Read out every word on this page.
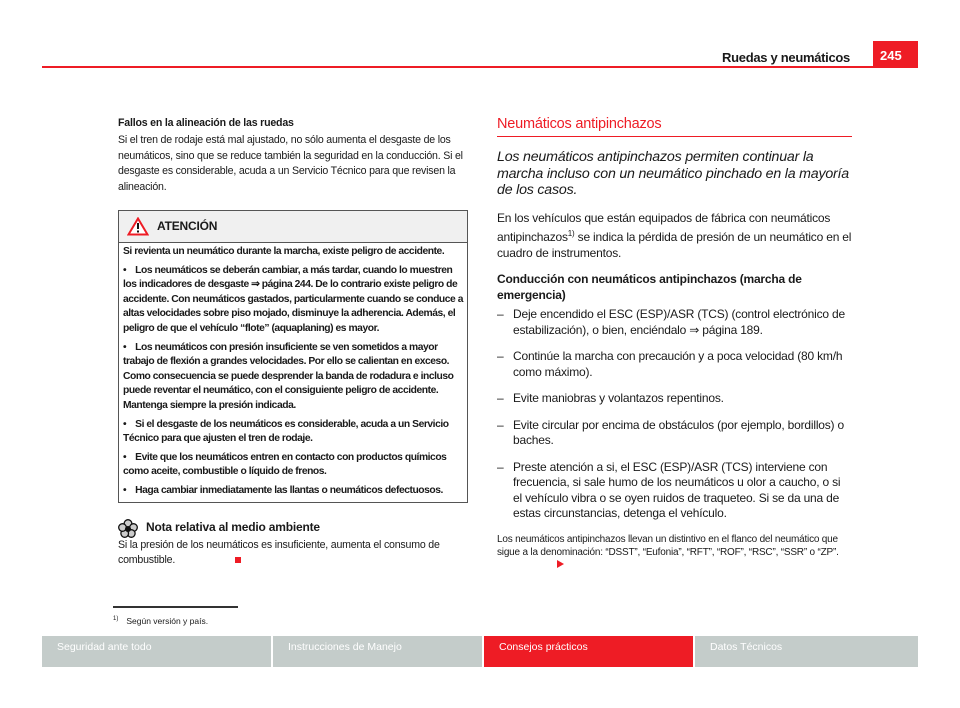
Ruedas y neumáticos	245
Fallos en la alineación de las ruedas

Si el tren de rodaje está mal ajustado, no sólo aumenta el desgaste de los neumáticos, sino que se reduce también la seguridad en la conducción. Si el desgaste es considerable, acuda a un Servicio Técnico para que revisen la alineación.

ATENCIÓN

Si revienta un neumático durante la marcha, existe peligro de accidente.

• Los neumáticos se deberán cambiar, a más tardar, cuando lo muestren los indicadores de desgaste ⇒ página 244. De lo contrario existe peligro de accidente. Con neumáticos gastados, particularmente cuando se conduce a altas velocidades sobre piso mojado, disminuye la adherencia. Además, el peligro de que el vehículo “flote” (aquaplaning) es mayor.

• Los neumáticos con presión insuficiente se ven sometidos a mayor trabajo de flexión a grandes velocidades. Por ello se calientan en exceso. Como consecuencia se puede desprender la banda de rodadura e incluso puede reventar el neumático, con el consiguiente peligro de accidente. Mantenga siempre la presión indicada.

• Si el desgaste de los neumáticos es considerable, acuda a un Servicio Técnico para que ajusten el tren de rodaje.

• Evite que los neumáticos entren en contacto con productos químicos como aceite, combustible o líquido de frenos.

• Haga cambiar inmediatamente las llantas o neumáticos defectuosos.

Nota relativa al medio ambiente

Si la presión de los neumáticos es insuficiente, aumenta el consumo de combustible.

Neumáticos antipinchazos

Los neumáticos antipinchazos permiten continuar la marcha incluso con un neumático pinchado en la mayoría de los casos.

En los vehículos que están equipados de fábrica con neumáticos antipinchazos$^{1)}$ se indica la pérdida de presión de un neumático en el cuadro de instrumentos.

Conducción con neumáticos antipinchazos (marcha de emergencia)

– Deje encendido el ESC (ESP)/ASR (TCS) (control electrónico de estabilización), o bien, enciéndalo ⇒ página 189.
– Continúe la marcha con precaución y a poca velocidad (80 km/h como máximo).
– Evite maniobras y volantazos repentinos.
– Evite circular por encima de obstáculos (por ejemplo, bordillos) o baches.
– Preste atención a si, el ESC (ESP)/ASR (TCS) interviene con frecuencia, si sale humo de los neumáticos u olor a caucho, o si el vehículo vibra o se oyen ruidos de traqueteo. Si se da una de estas circunstancias, detenga el vehículo.

Los neumáticos antipinchazos llevan un distintivo en el flanco del neumático que sigue a la denominación: “DSST”, “Eufonia”, “RFT”, “ROF”, “RSC”, “SSR” o “ZP”.

$^{1)}$ Según versión y país.
Seguridad ante todo	Instrucciones de Manejo	Consejos prácticos	Datos Técnicos
